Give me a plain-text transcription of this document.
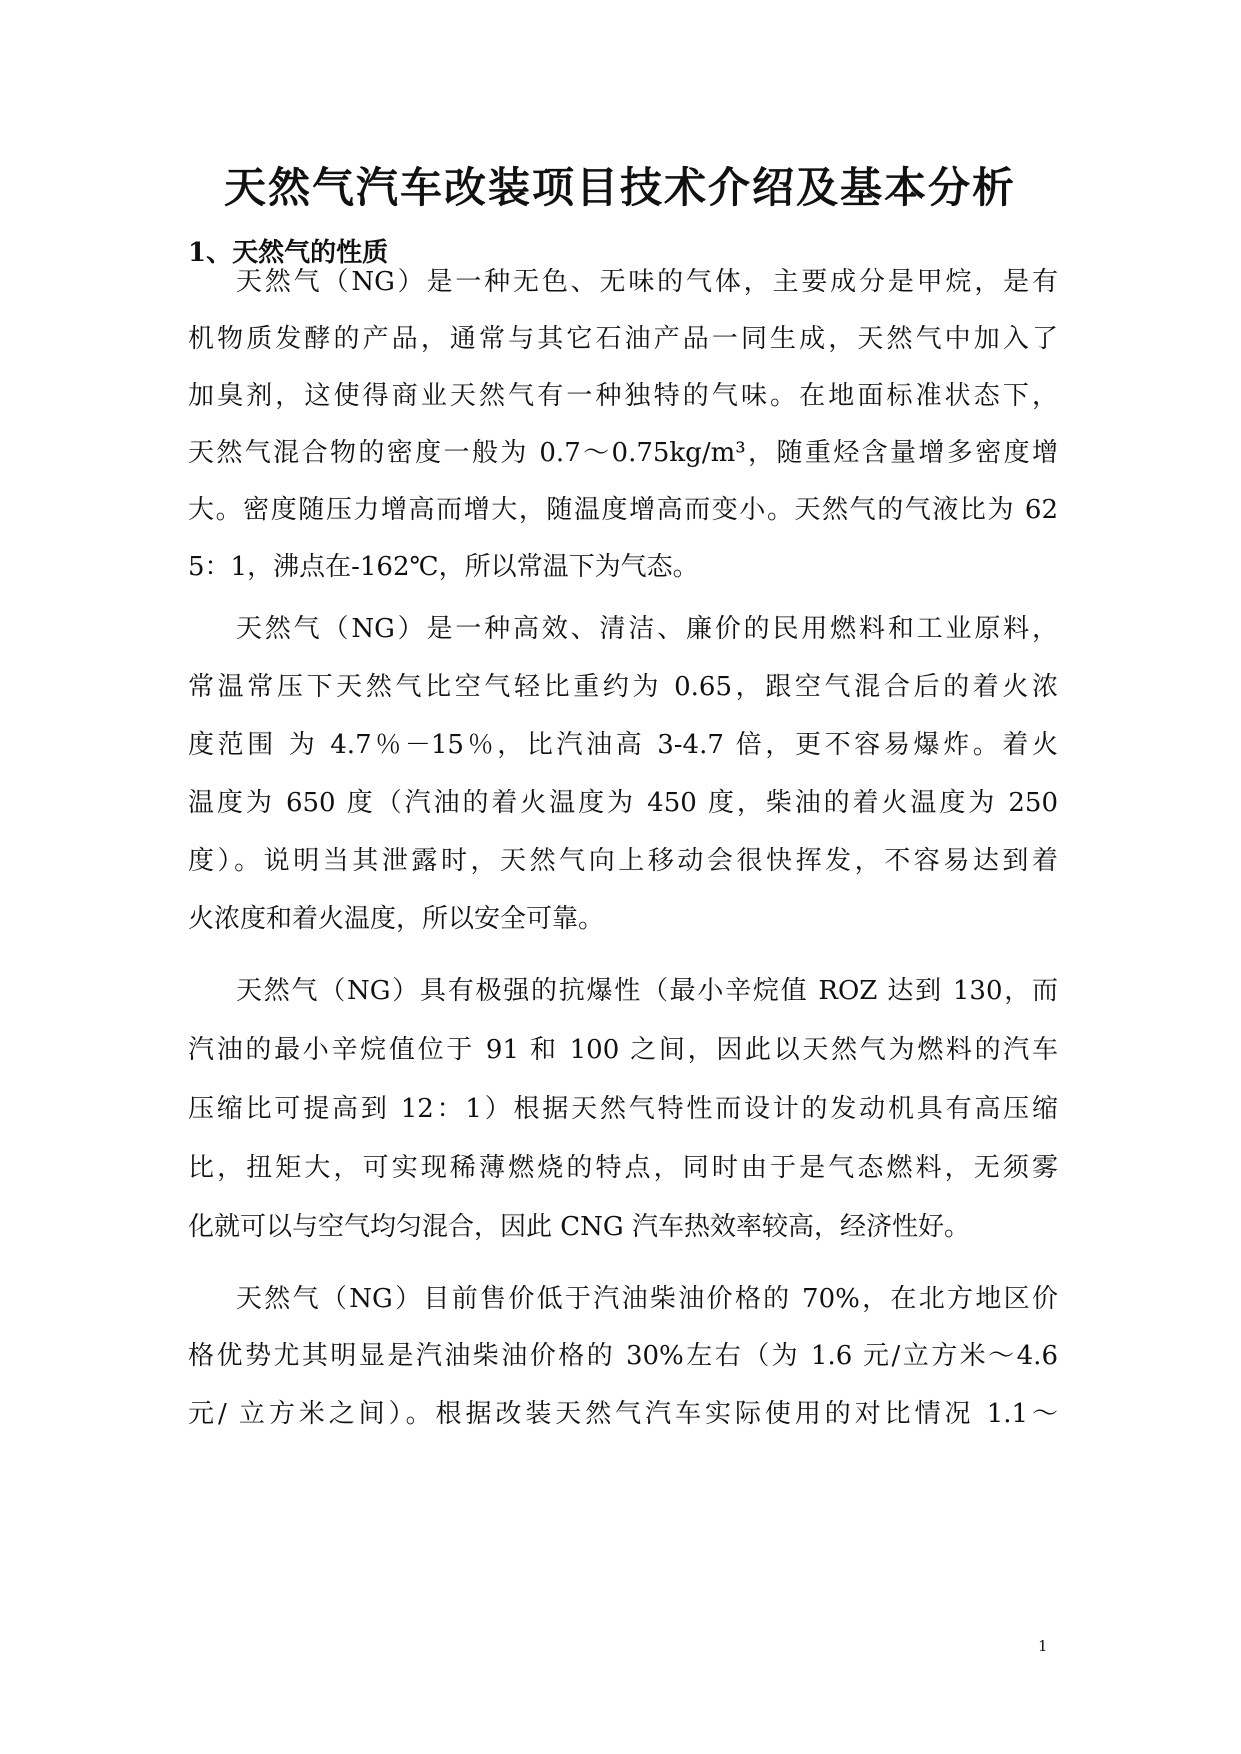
天然气汽车改装项目技术介绍及基本分析
1、天然气的性质

天然气（NG）是一种无色、无味的气体，主要成分是甲烷，是有

机物质发酵的产品，通常与其它石油产品一同生成，天然气中加入了

加臭剂，这使得商业天然气有一种独特的气味。在地面标准状态下，

天然气混合物的密度一般为 0.7～0.75kg/m³，随重烃含量增多密度增

大。密度随压力增高而增大，随温度增高而变小。天然气的气液比为 62

5：1，沸点在-162℃，所以常温下为气态。

天然气（NG）是一种高效、清洁、廉价的民用燃料和工业原料，

常温常压下天然气比空气轻比重约为 0.65，跟空气混合后的着火浓

度范围 为 4.7％－15％，比汽油高 3-4.7 倍，更不容易爆炸。着火

温度为 650 度（汽油的着火温度为 450 度，柴油的着火温度为 250

度）。说明当其泄露时，天然气向上移动会很快挥发，不容易达到着

火浓度和着火温度，所以安全可靠。

天然气（NG）具有极强的抗爆性（最小辛烷值 ROZ 达到 130，而

汽油的最小辛烷值位于 91 和 100 之间，因此以天然气为燃料的汽车

压缩比可提高到 12：1）根据天然气特性而设计的发动机具有高压缩

比，扭矩大，可实现稀薄燃烧的特点，同时由于是气态燃料，无须雾

化就可以与空气均匀混合，因此 CNG 汽车热效率较高，经济性好。

天然气（NG）目前售价低于汽油柴油价格的 70%，在北方地区价

格优势尤其明显是汽油柴油价格的 30%左右（为 1.6 元/立方米～4.6

元/ 立方米之间）。根据改装天然气汽车实际使用的对比情况 1.1～

1
